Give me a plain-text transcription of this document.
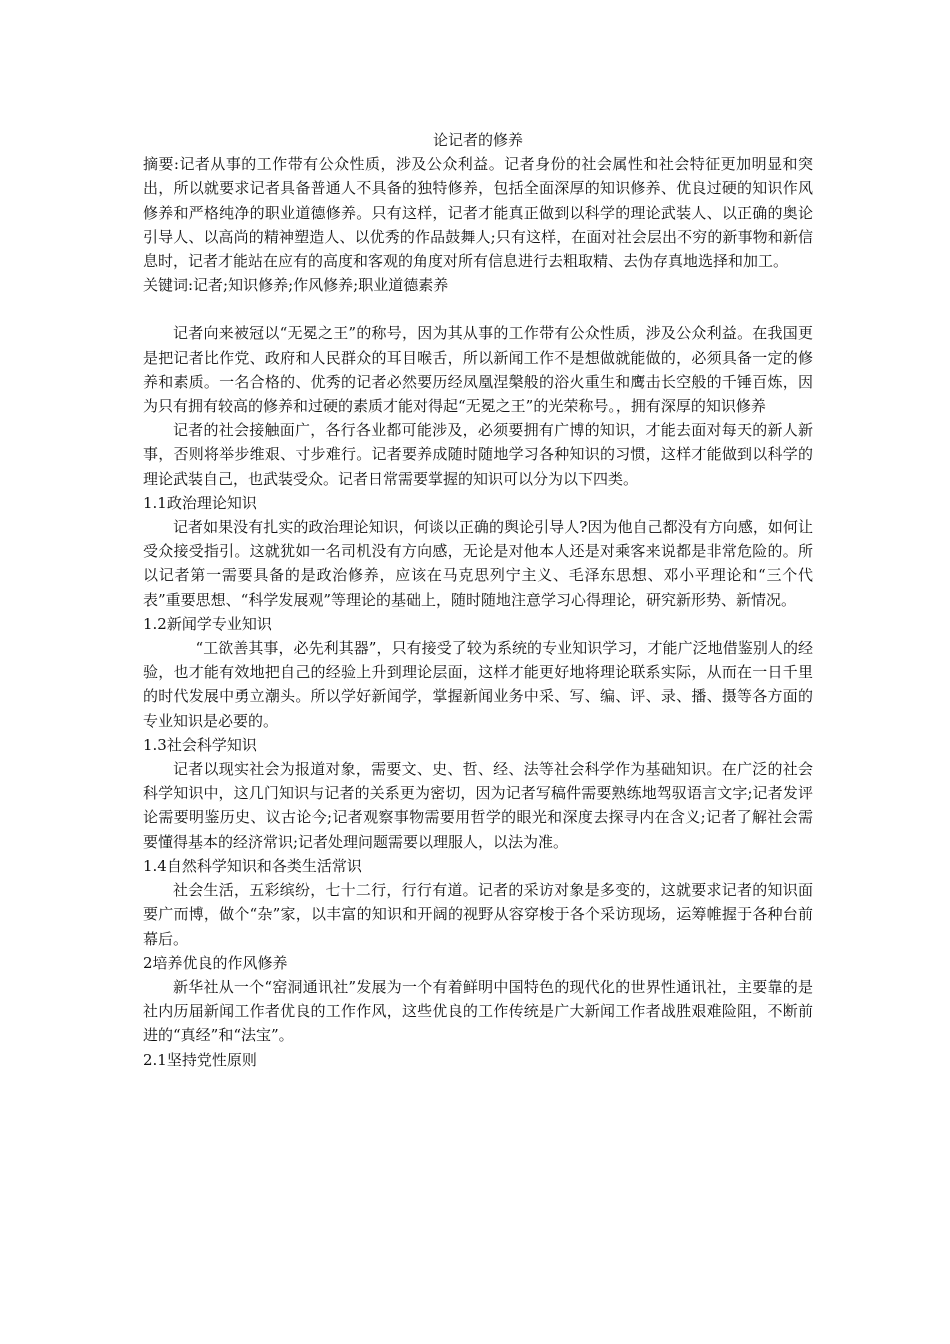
论记者的修养

摘要:记者从事的工作带有公众性质，涉及公众利益。记者身份的社会属性和社会特征更加明显和突出，所以就要求记者具备普通人不具备的独特修养，包括全面深厚的知识修养、优良过硬的知识作风修养和严格纯净的职业道德修养。只有这样，记者才能真正做到以科学的理论武装人、以正确的奥论引导人、以高尚的精神塑造人、以优秀的作品鼓舞人;只有这样，在面对社会层出不穷的新事物和新信息时，记者才能站在应有的高度和客观的角度对所有信息进行去粗取精、去伪存真地选择和加工。

关键词:记者;知识修养;作风修养;职业道德素养

记者向来被冠以“无冕之王”的称号，因为其从事的工作带有公众性质，涉及公众利益。在我国更是把记者比作党、政府和人民群众的耳目喉舌，所以新闻工作不是想做就能做的，必须具备一定的修养和素质。一名合格的、优秀的记者必然要历经凤凰涅槃般的浴火重生和鹰击长空般的千锤百炼，因为只有拥有较高的修养和过硬的素质才能对得起“无冕之王”的光荣称号。，拥有深厚的知识修养

记者的社会接触面广，各行各业都可能涉及，必须要拥有广博的知识，才能去面对每天的新人新事，否则将举步维艰、寸步难行。记者要养成随时随地学习各种知识的习惯，这样才能做到以科学的理论武装自己，也武装受众。记者日常需要掌握的知识可以分为以下四类。

1.1政治理论知识

记者如果没有扎实的政治理论知识，何谈以正确的舆论引导人?因为他自己都没有方向感，如何让受众接受指引。这就犹如一名司机没有方向感，无论是对他本人还是对乘客来说都是非常危险的。所以记者第一需要具备的是政治修养，应该在马克思列宁主义、毛泽东思想、邓小平理论和“三个代表”重要思想、“科学发展观”等理论的基础上，随时随地注意学习心得理论，研究新形势、新情况。

1.2新闻学专业知识

“工欲善其事，必先利其器”，只有接受了较为系统的专业知识学习，才能广泛地借鉴别人的经验，也才能有效地把自己的经验上升到理论层面，这样才能更好地将理论联系实际，从而在一日千里的时代发展中勇立潮头。所以学好新闻学，掌握新闻业务中采、写、编、评、录、播、摄等各方面的专业知识是必要的。

1.3社会科学知识

记者以现实社会为报道对象，需要文、史、哲、经、法等社会科学作为基础知识。在广泛的社会科学知识中，这几门知识与记者的关系更为密切，因为记者写稿件需要熟练地驾驭语言文字;记者发评论需要明鉴历史、议古论今;记者观察事物需要用哲学的眼光和深度去探寻内在含义;记者了解社会需要懂得基本的经济常识;记者处理问题需要以理服人，以法为准。

1.4自然科学知识和各类生活常识

社会生活，五彩缤纷，七十二行，行行有道。记者的采访对象是多变的，这就要求记者的知识面要广而博，做个“杂”家，以丰富的知识和开阔的视野从容穿梭于各个采访现场，运筹帷握于各种台前幕后。

2培养优良的作风修养

新华社从一个“窑洞通讯社”发展为一个有着鲜明中国特色的现代化的世界性通讯社，主要靠的是社内历届新闻工作者优良的工作作风，这些优良的工作传统是广大新闻工作者战胜艰难险阻，不断前进的“真经”和“法宝”。

2.1坚持党性原则
